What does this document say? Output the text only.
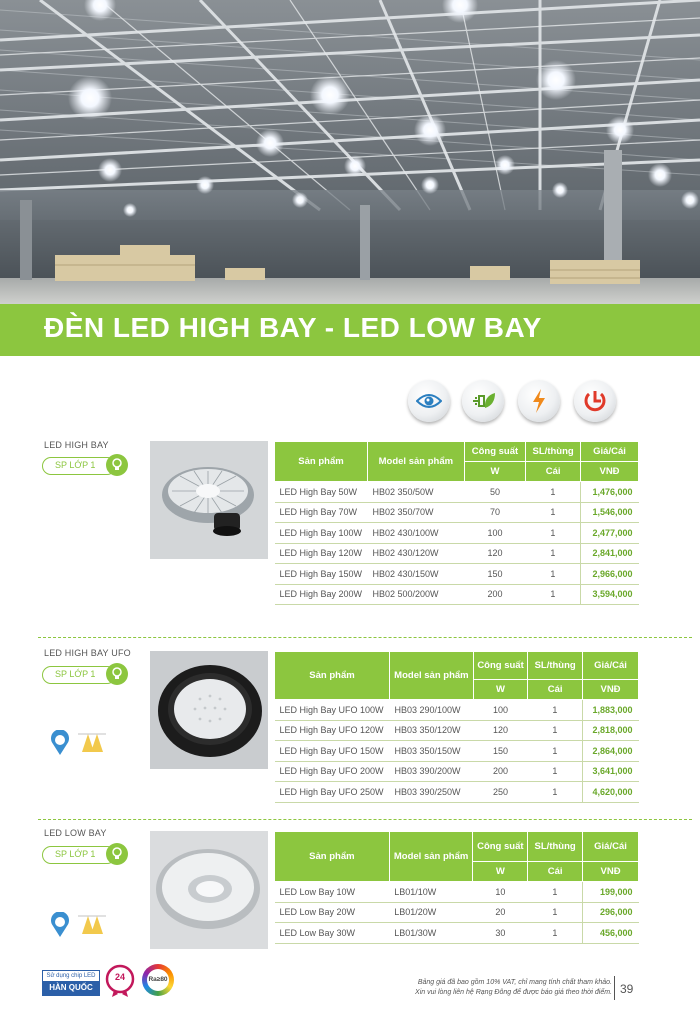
ĐÈN LED HIGH BAY - LED LOW BAY
LED HIGH BAY
SP LỚP 1	Sản phẩm	Model sản phẩm	Công suất	SL/thùng	Giá/Cái
		W	Cái	VNĐ
LED High Bay 50W	HB02 350/50W	50	1	1,476,000
LED High Bay 70W	HB02 350/70W	70	1	1,546,000
LED High Bay 100W	HB02 430/100W	100	1	2,477,000
LED High Bay 120W	HB02 430/120W	120	1	2,841,000
LED High Bay 150W	HB02 430/150W	150	1	2,966,000
LED High Bay 200W	HB02 500/200W	200	1	3,594,000
LED HIGH BAY UFO
SP LỚP 1	Sản phẩm	Model sản phẩm	Công suất	SL/thùng	Giá/Cái
		W	Cái	VNĐ
LED High Bay UFO 100W	HB03 290/100W	100	1	1,883,000
LED High Bay UFO 120W	HB03 350/120W	120	1	2,818,000
LED High Bay UFO 150W	HB03 350/150W	150	1	2,864,000
LED High Bay UFO 200W	HB03 390/200W	200	1	3,641,000
LED High Bay UFO 250W	HB03 390/250W	250	1	4,620,000
LED LOW BAY
SP LỚP 1	Sản phẩm	Model sản phẩm	Công suất	SL/thùng	Giá/Cái
		W	Cái	VNĐ
LED Low Bay 10W	LB01/10W	10	1	199,000
LED Low Bay 20W	LB01/20W	20	1	296,000
LED Low Bay 30W	LB01/30W	30	1	456,000
Sử dụng chip LED
HÀN QUỐC
24	Ra≥80	Bảng giá đã bao gồm 10% VAT, chỉ mang tính chất tham khảo.
Xin vui lòng liên hệ Rạng Đông để được báo giá theo thời điểm. 39
